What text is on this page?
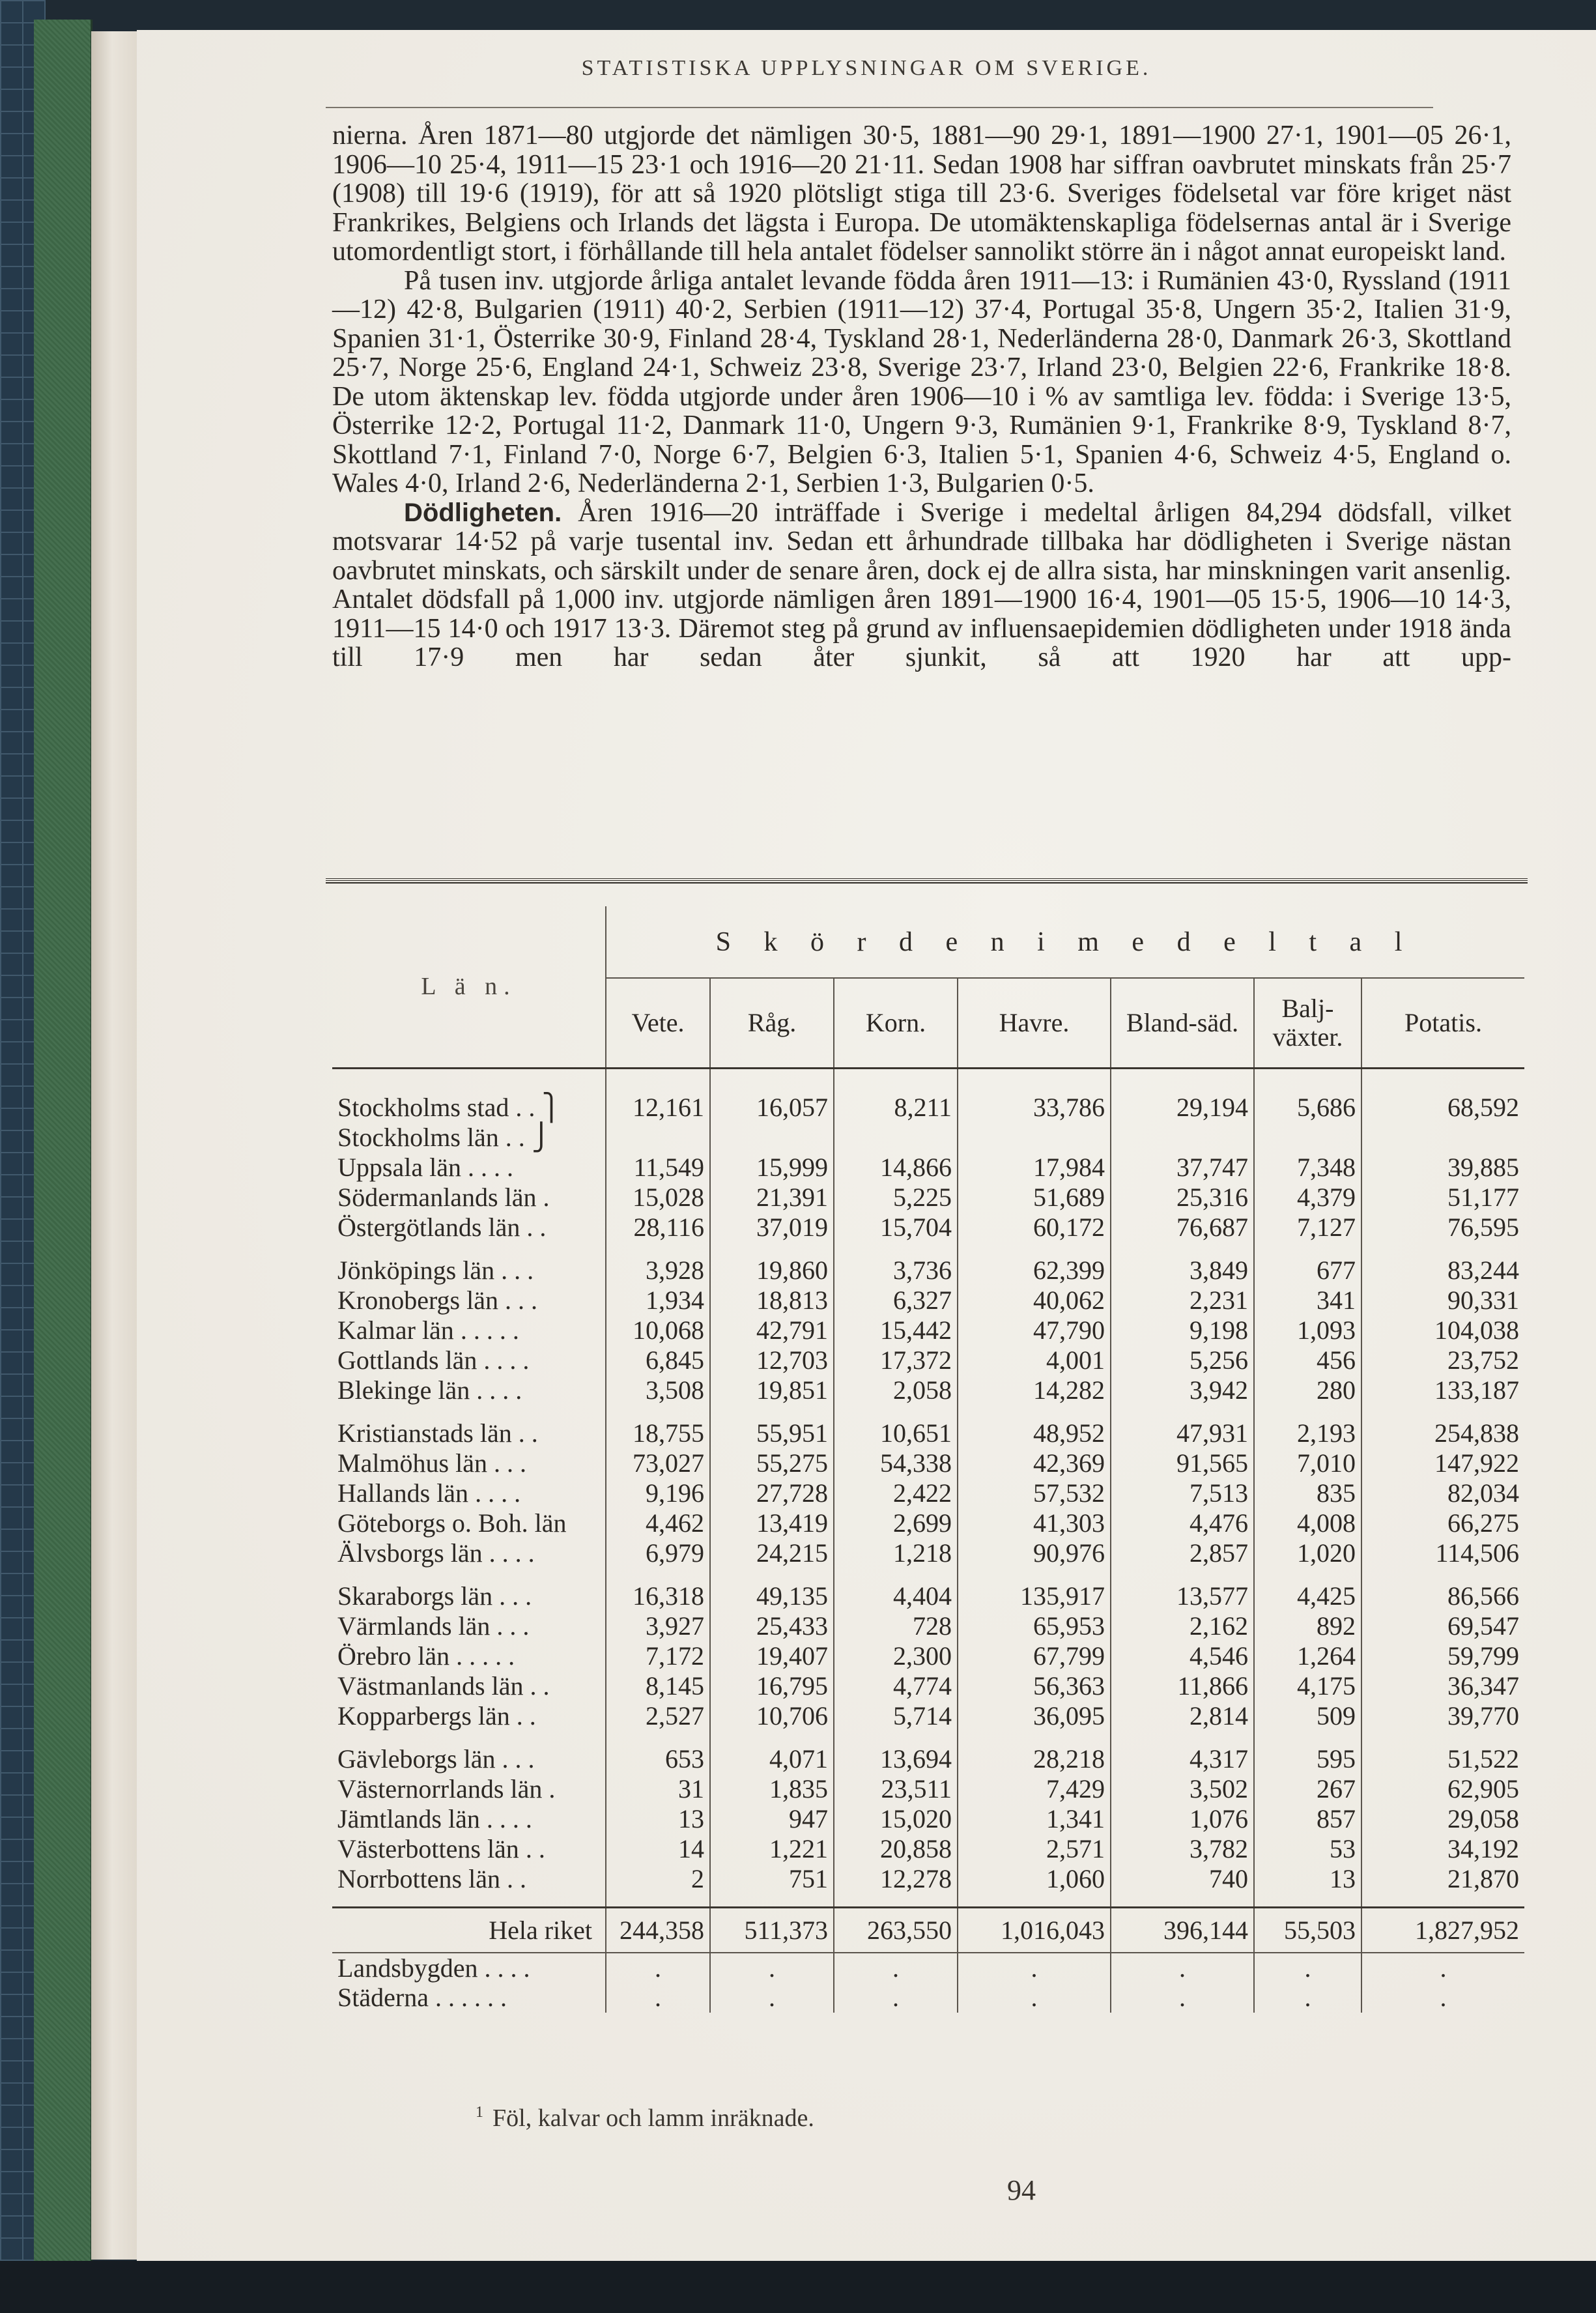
STATISTISKA UPPLYSNINGAR OM SVERIGE.

nierna. Åren 1871—80 utgjorde det nämligen 30·5, 1881—90 29·1, 1891—1900 27·1, 1901—05 26·1, 1906—10 25·4, 1911—15 23·1 och 1916—20 21·11. Sedan 1908 har siffran oavbrutet minskats från 25·7 (1908) till 19·6 (1919), för att så 1920 plötsligt stiga till 23·6. Sveriges födelsetal var före kriget näst Frankrikes, Belgiens och Irlands det lägsta i Europa. De utomäktenskapliga födelsernas antal är i Sverige utomordentligt stort, i förhållande till hela antalet födelser sannolikt större än i något annat europeiskt land.

På tusen inv. utgjorde årliga antalet levande födda åren 1911—13: i Rumänien 43·0, Ryssland (1911—12) 42·8, Bulgarien (1911) 40·2, Serbien (1911—12) 37·4, Portugal 35·8, Ungern 35·2, Italien 31·9, Spanien 31·1, Österrike 30·9, Finland 28·4, Tyskland 28·1, Nederländerna 28·0, Danmark 26·3, Skottland 25·7, Norge 25·6, England 24·1, Schweiz 23·8, Sverige 23·7, Irland 23·0, Belgien 22·6, Frankrike 18·8. De utom äktenskap lev. födda utgjorde under åren 1906—10 i % av samtliga lev. födda: i Sverige 13·5, Österrike 12·2, Portugal 11·2, Danmark 11·0, Ungern 9·3, Rumänien 9·1, Frankrike 8·9, Tyskland 8·7, Skottland 7·1, Finland 7·0, Norge 6·7, Belgien 6·3, Italien 5·1, Spanien 4·6, Schweiz 4·5, England o. Wales 4·0, Irland 2·6, Nederländerna 2·1, Serbien 1·3, Bulgarien 0·5.

Dödligheten. Åren 1916—20 inträffade i Sverige i medeltal årligen 84,294 dödsfall, vilket motsvarar 14·52 på varje tusental inv. Sedan ett århundrade tillbaka har dödligheten i Sverige nästan oavbrutet minskats, och särskilt under de senare åren, dock ej de allra sista, har minskningen varit ansenlig. Antalet dödsfall på 1,000 inv. utgjorde nämligen åren 1891—1900 16·4, 1901—05 15·5, 1906—10 14·3, 1911—15 14·0 och 1917 13·3. Däremot steg på grund av influensaepidemien dödligheten under 1918 ända till 17·9 men har sedan åter sjunkit, så att 1920 har att upp-

L ä n.	S k ö r d e n i m e d e l t a l						
	Vete.	Råg.	Korn.	Havre.	Bland-säd.	Balj-växter.	Potatis.

Stockholms stad . . ⎫	12,161	16,057	8,211	33,786	29,194	5,686	68,592
Stockholms län . . ⎭							
Uppsala län . . . .	11,549	15,999	14,866	17,984	37,747	7,348	39,885
Södermanlands län .	15,028	21,391	5,225	51,689	25,316	4,379	51,177
Östergötlands län . .	28,116	37,019	15,704	60,172	76,687	7,127	76,595

Jönköpings län . . .	3,928	19,860	3,736	62,399	3,849	677	83,244
Kronobergs län . . .	1,934	18,813	6,327	40,062	2,231	341	90,331
Kalmar län . . . . .	10,068	42,791	15,442	47,790	9,198	1,093	104,038
Gottlands län . . . .	6,845	12,703	17,372	4,001	5,256	456	23,752
Blekinge län . . . .	3,508	19,851	2,058	14,282	3,942	280	133,187

Kristianstads län . .	18,755	55,951	10,651	48,952	47,931	2,193	254,838
Malmöhus län . . .	73,027	55,275	54,338	42,369	91,565	7,010	147,922
Hallands län . . . .	9,196	27,728	2,422	57,532	7,513	835	82,034
Göteborgs o. Boh. län	4,462	13,419	2,699	41,303	4,476	4,008	66,275
Älvsborgs län . . . .	6,979	24,215	1,218	90,976	2,857	1,020	114,506

Skaraborgs län . . .	16,318	49,135	4,404	135,917	13,577	4,425	86,566
Värmlands län . . .	3,927	25,433	728	65,953	2,162	892	69,547
Örebro län . . . . .	7,172	19,407	2,300	67,799	4,546	1,264	59,799
Västmanlands län . .	8,145	16,795	4,774	56,363	11,866	4,175	36,347
Kopparbergs län . .	2,527	10,706	5,714	36,095	2,814	509	39,770

Gävleborgs län . . .	653	4,071	13,694	28,218	4,317	595	51,522
Västernorrlands län .	31	1,835	23,511	7,429	3,502	267	62,905
Jämtlands län . . . .	13	947	15,020	1,341	1,076	857	29,058
Västerbottens län . .	14	1,221	20,858	2,571	3,782	53	34,192
Norrbottens län . .	2	751	12,278	1,060	740	13	21,870

Hela riket	244,358	511,373	263,550	1,016,043	396,144	55,503	1,827,952
Landsbygden . . . .	.	.	.	.	.	.	.
Städerna . . . . . .	.	.	.	.	.	.	.
$^1$ Föl, kalvar och lamm inräknade.
94
